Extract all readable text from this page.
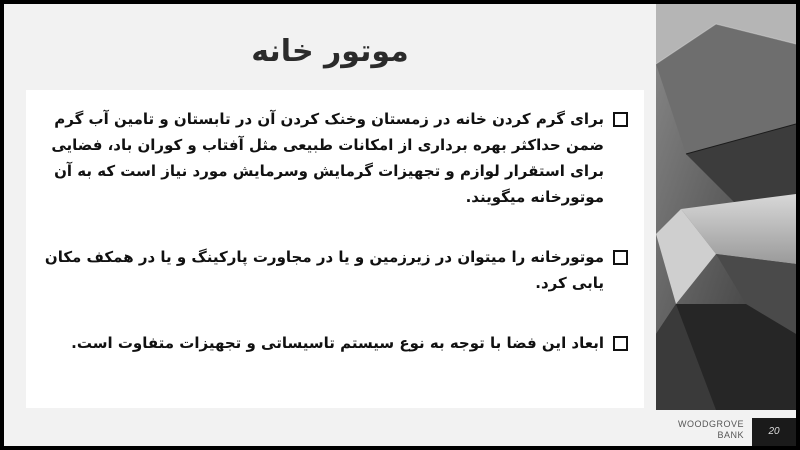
موتور خانه
برای گرم کردن خانه در زمستان وخنک کردن آن در تابستان و تامین آب گرم ضمن حداکثر بهره برداری از امکانات طبیعی مثل آفتاب و کوران باد، فضایی برای استقرار لوازم و تجهیزات گرمایش وسرمایش مورد نیاز است که به آن موتورخانه میگویند.
موتورخانه را میتوان در زیرزمین و یا در مجاورت پارکینگ و یا در همکف مکان یابی کرد.
ابعاد این فضا با توجه به نوع سیستم تاسیساتی و تجهیزات متفاوت است.
WOODGROVE
BANK	20
